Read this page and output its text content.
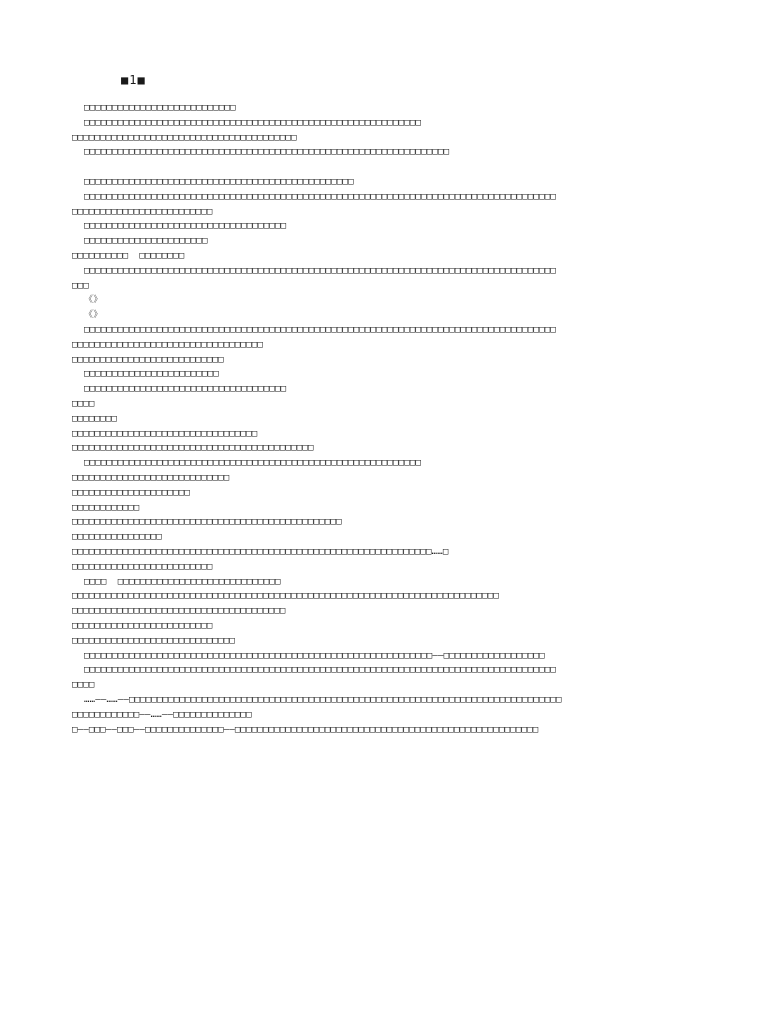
■1■
□□□□□□□□□□□□□□□□□□□□□□□□□□□
□□□□□□□□□□□□□□□□□□□□□□□□□□□□□□□□□□□□□□□□□□□□□□□□□□□□□□□□□□□□
□□□□□□□□□□□□□□□□□□□□□□□□□□□□□□□□□□□□□□□□
□□□□□□□□□□□□□□□□□□□□□□□□□□□□□□□□□□□□□□□□□□□□□□□□□□□□□□□□□□□□□□□□□
□□□□□□□□□□□□□□□□□□□□□□□□□□□□□□□□□□□□□□□□□□□□□□□□
□□□□□□□□□□□□□□□□□□□□□□□□□□□□□□□□□□□□□□□□□□□□□□□□□□□□□□□□□□□□□□□□□□□□□□□□□□□□□□□□□□□□
□□□□□□□□□□□□□□□□□□□□□□□□□
□□□□□□□□□□□□□□□□□□□□□□□□□□□□□□□□□□□□
□□□□□□□□□□□□□□□□□□□□□□
□□□□□□□□□□  □□□□□□□□
□□□□□□□□□□□□□□□□□□□□□□□□□□□□□□□□□□□□□□□□□□□□□□□□□□□□□□□□□□□□□□□□□□□□□□□□□□□□□□□□□□□□
□□□
《》
《》
□□□□□□□□□□□□□□□□□□□□□□□□□□□□□□□□□□□□□□□□□□□□□□□□□□□□□□□□□□□□□□□□□□□□□□□□□□□□□□□□□□□□
□□□□□□□□□□□□□□□□□□□□□□□□□□□□□□□□□□
□□□□□□□□□□□□□□□□□□□□□□□□□□□
□□□□□□□□□□□□□□□□□□□□□□□□
□□□□□□□□□□□□□□□□□□□□□□□□□□□□□□□□□□□□
□□□□
□□□□□□□□
□□□□□□□□□□□□□□□□□□□□□□□□□□□□□□□□□
□□□□□□□□□□□□□□□□□□□□□□□□□□□□□□□□□□□□□□□□□□□
□□□□□□□□□□□□□□□□□□□□□□□□□□□□□□□□□□□□□□□□□□□□□□□□□□□□□□□□□□□□
□□□□□□□□□□□□□□□□□□□□□□□□□□□□
□□□□□□□□□□□□□□□□□□□□□
□□□□□□□□□□□□
□□□□□□□□□□□□□□□□□□□□□□□□□□□□□□□□□□□□□□□□□□□□□□□□
□□□□□□□□□□□□□□□□
□□□□□□□□□□□□□□□□□□□□□□□□□□□□□□□□□□□□□□□□□□□□□□□□□□□□□□□□□□□□□□□□……□
□□□□□□□□□□□□□□□□□□□□□□□□□
□□□□  □□□□□□□□□□□□□□□□□□□□□□□□□□□□□
□□□□□□□□□□□□□□□□□□□□□□□□□□□□□□□□□□□□□□□□□□□□□□□□□□□□□□□□□□□□□□□□□□□□□□□□□□□□
□□□□□□□□□□□□□□□□□□□□□□□□□□□□□□□□□□□□□□
□□□□□□□□□□□□□□□□□□□□□□□□□
□□□□□□□□□□□□□□□□□□□□□□□□□□□□□
□□□□□□□□□□□□□□□□□□□□□□□□□□□□□□□□□□□□□□□□□□□□□□□□□□□□□□□□□□□□□□——□□□□□□□□□□□□□□□□□□
□□□□□□□□□□□□□□□□□□□□□□□□□□□□□□□□□□□□□□□□□□□□□□□□□□□□□□□□□□□□□□□□□□□□□□□□□□□□□□□□□□□□
□□□□
……——……——□□□□□□□□□□□□□□□□□□□□□□□□□□□□□□□□□□□□□□□□□□□□□□□□□□□□□□□□□□□□□□□□□□□□□□□□□□□□□
□□□□□□□□□□□□——……——□□□□□□□□□□□□□□
□——□□□——□□□——□□□□□□□□□□□□□□——□□□□□□□□□□□□□□□□□□□□□□□□□□□□□□□□□□□□□□□□□□□□□□□□□□□□□□
